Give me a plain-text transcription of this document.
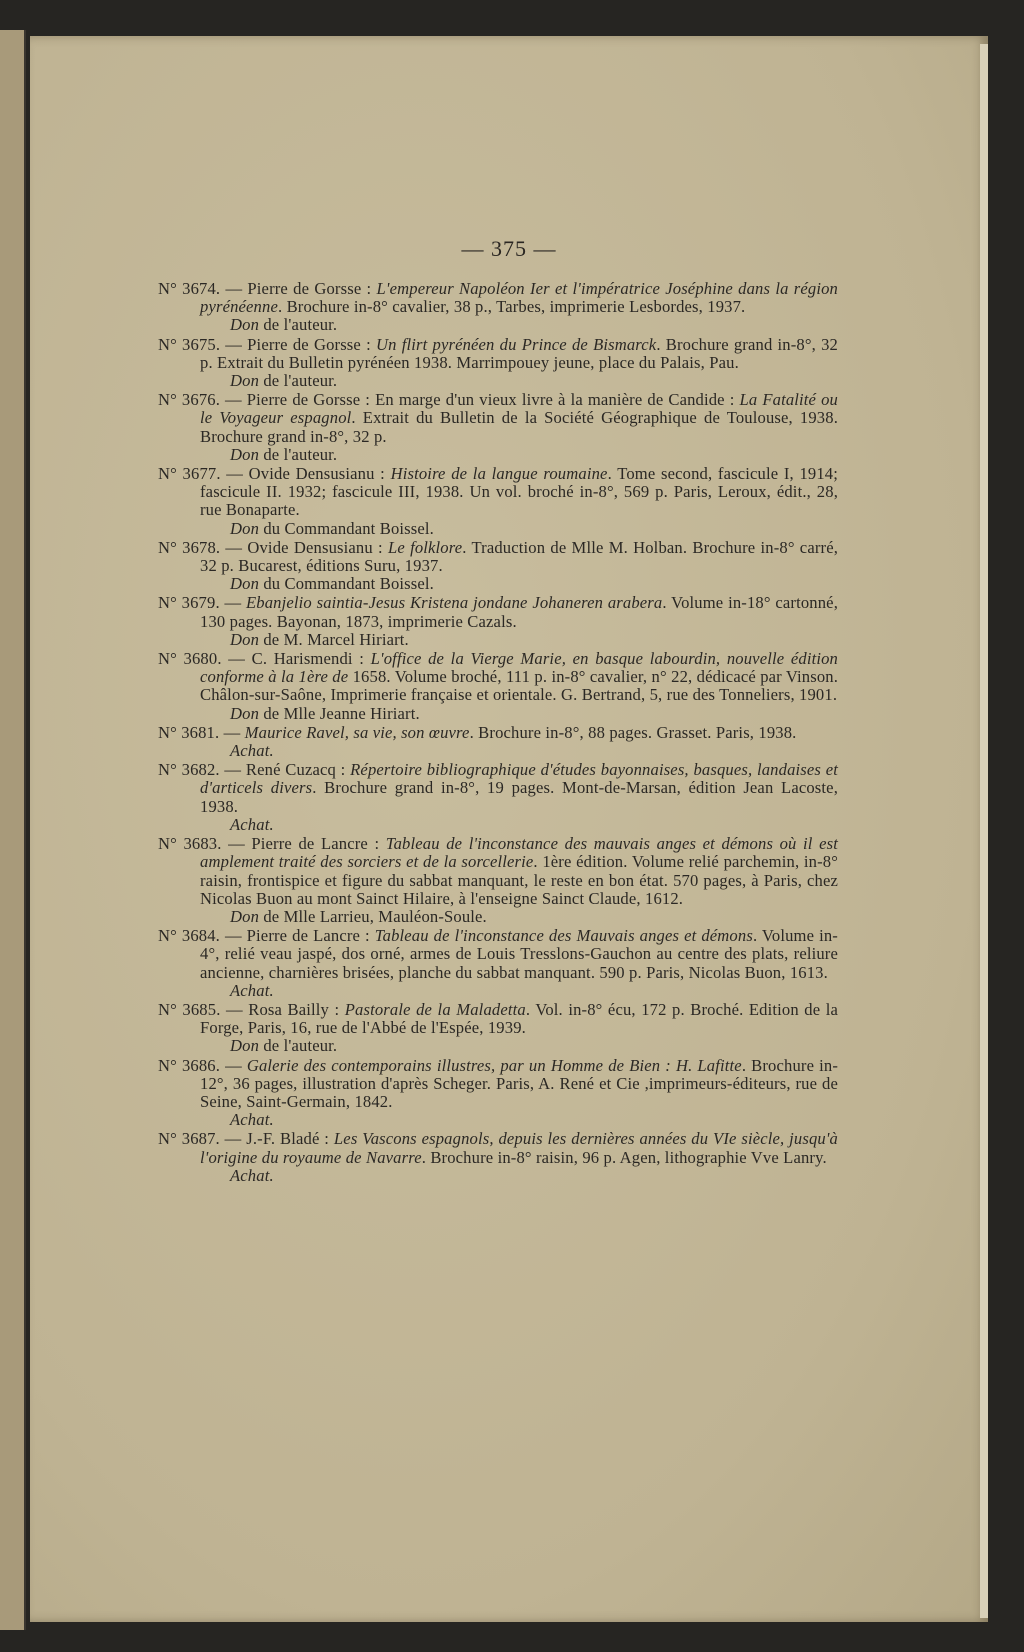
— 375 —
N° 3674. — Pierre de Gorsse : L'empereur Napoléon Ier et l'impératrice Joséphine dans la région pyrénéenne. Brochure in-8° cavalier, 38 p., Tarbes, imprimerie Lesbordes, 1937.
Don de l'auteur.
N° 3675. — Pierre de Gorsse : Un flirt pyrénéen du Prince de Bismarck. Brochure grand in-8°, 32 p. Extrait du Bulletin pyrénéen 1938. Marrimpouey jeune, place du Palais, Pau.
Don de l'auteur.
N° 3676. — Pierre de Gorsse : En marge d'un vieux livre à la manière de Candide : La Fatalité ou le Voyageur espagnol. Extrait du Bulletin de la Société Géographique de Toulouse, 1938. Brochure grand in-8°, 32 p.
Don de l'auteur.
N° 3677. — Ovide Densusianu : Histoire de la langue roumaine. Tome second, fascicule I, 1914; fascicule II. 1932; fascicule III, 1938. Un vol. broché in-8°, 569 p. Paris, Leroux, édit., 28, rue Bonaparte.
Don du Commandant Boissel.
N° 3678. — Ovide Densusianu : Le folklore. Traduction de Mlle M. Holban. Brochure in-8° carré, 32 p. Bucarest, éditions Suru, 1937.
Don du Commandant Boissel.
N° 3679. — Ebanjelio saintia-Jesus Kristena jondane Johaneren arabera. Volume in-18° cartonné, 130 pages. Bayonan, 1873, imprimerie Cazals.
Don de M. Marcel Hiriart.
N° 3680. — C. Harismendi : L'office de la Vierge Marie, en basque labourdin, nouvelle édition conforme à la 1ère de 1658. Volume broché, 111 p. in-8° cavalier, n° 22, dédicacé par Vinson. Châlon-sur-Saône, Imprimerie française et orientale. G. Bertrand, 5, rue des Tonneliers, 1901.
Don de Mlle Jeanne Hiriart.
N° 3681. — Maurice Ravel, sa vie, son œuvre. Brochure in-8°, 88 pages. Grasset. Paris, 1938.
Achat.
N° 3682. — René Cuzacq : Répertoire bibliographique d'études bayonnaises, basques, landaises et d'articels divers. Brochure grand in-8°, 19 pages. Mont-de-Marsan, édition Jean Lacoste, 1938.
Achat.
N° 3683. — Pierre de Lancre : Tableau de l'inconstance des mauvais anges et démons où il est amplement traité des sorciers et de la sorcellerie. 1ère édition. Volume relié parchemin, in-8° raisin, frontispice et figure du sabbat manquant, le reste en bon état. 570 pages, à Paris, chez Nicolas Buon au mont Sainct Hilaire, à l'enseigne Sainct Claude, 1612.
Don de Mlle Larrieu, Mauléon-Soule.
N° 3684. — Pierre de Lancre : Tableau de l'inconstance des Mauvais anges et démons. Volume in-4°, relié veau jaspé, dos orné, armes de Louis Tresslons-Gauchon au centre des plats, reliure ancienne, charnières brisées, planche du sabbat manquant. 590 p. Paris, Nicolas Buon, 1613.
Achat.
N° 3685. — Rosa Bailly : Pastorale de la Maladetta. Vol. in-8° écu, 172 p. Broché. Edition de la Forge, Paris, 16, rue de l'Abbé de l'Espée, 1939.
Don de l'auteur.
N° 3686. — Galerie des contemporains illustres, par un Homme de Bien : H. Lafitte. Brochure in-12°, 36 pages, illustration d'après Scheger. Paris, A. René et Cie ,imprimeurs-éditeurs, rue de Seine, Saint-Germain, 1842.
Achat.
N° 3687. — J.-F. Bladé : Les Vascons espagnols, depuis les dernières années du VIe siècle, jusqu'à l'origine du royaume de Navarre. Brochure in-8° raisin, 96 p. Agen, lithographie Vve Lanry.
Achat.
